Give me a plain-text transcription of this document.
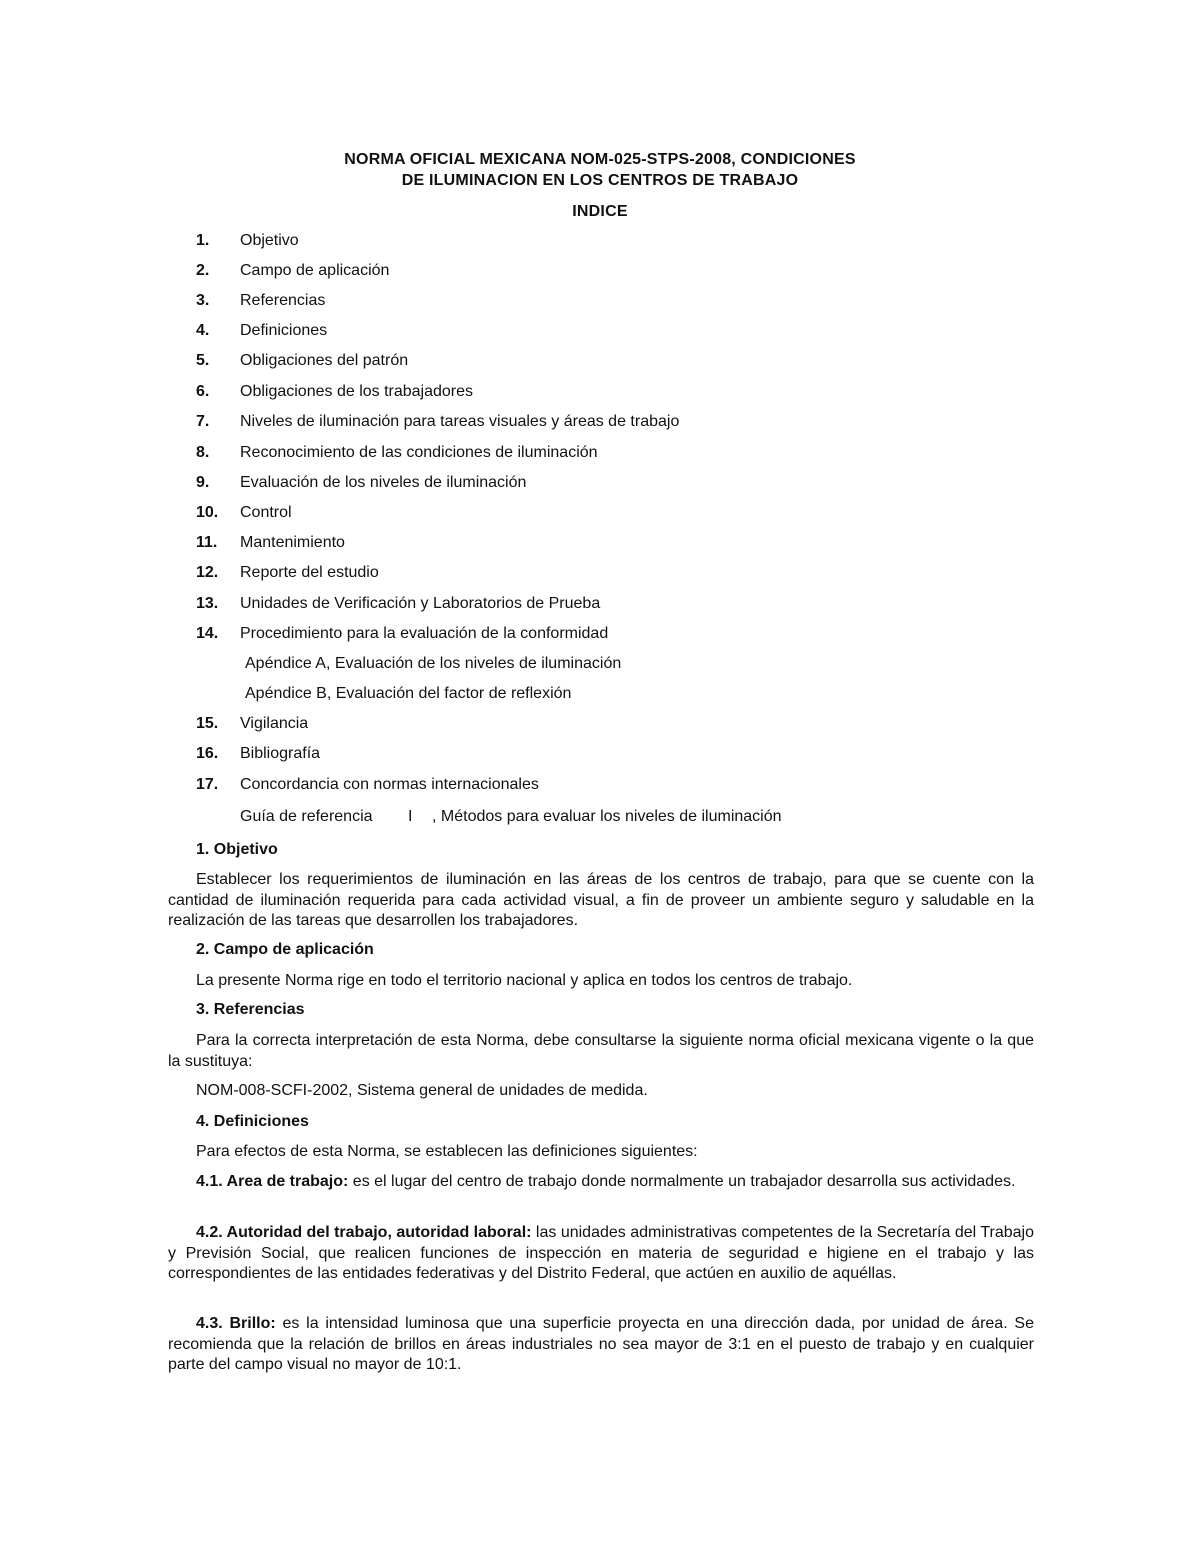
NORMA OFICIAL MEXICANA NOM-025-STPS-2008, CONDICIONES
DE ILUMINACION EN LOS CENTROS DE TRABAJO
INDICE
1. Objetivo
2. Campo de aplicación
3. Referencias
4. Definiciones
5. Obligaciones del patrón
6. Obligaciones de los trabajadores
7. Niveles de iluminación para tareas visuales y áreas de trabajo
8. Reconocimiento de las condiciones de iluminación
9. Evaluación de los niveles de iluminación
10. Control
11. Mantenimiento
12. Reporte del estudio
13. Unidades de Verificación y Laboratorios de Prueba
14. Procedimiento para la evaluación de la conformidad
Apéndice A, Evaluación de los niveles de iluminación
Apéndice B, Evaluación del factor de reflexión
15. Vigilancia
16. Bibliografía
17. Concordancia con normas internacionales
Guía de referencia I , Métodos para evaluar los niveles de iluminación
1. Objetivo
Establecer los requerimientos de iluminación en las áreas de los centros de trabajo, para que se cuente con la cantidad de iluminación requerida para cada actividad visual, a fin de proveer un ambiente seguro y saludable en la realización de las tareas que desarrollen los trabajadores.
2. Campo de aplicación
La presente Norma rige en todo el territorio nacional y aplica en todos los centros de trabajo.
3. Referencias
Para la correcta interpretación de esta Norma, debe consultarse la siguiente norma oficial mexicana vigente o la que la sustituya:
NOM-008-SCFI-2002, Sistema general de unidades de medida.
4. Definiciones
Para efectos de esta Norma, se establecen las definiciones siguientes:
4.1. Area de trabajo: es el lugar del centro de trabajo donde normalmente un trabajador desarrolla sus actividades.
4.2. Autoridad del trabajo, autoridad laboral: las unidades administrativas competentes de la Secretaría del Trabajo y Previsión Social, que realicen funciones de inspección en materia de seguridad e higiene en el trabajo y las correspondientes de las entidades federativas y del Distrito Federal, que actúen en auxilio de aquéllas.
4.3. Brillo: es la intensidad luminosa que una superficie proyecta en una dirección dada, por unidad de área. Se recomienda que la relación de brillos en áreas industriales no sea mayor de 3:1 en el puesto de trabajo y en cualquier parte del campo visual no mayor de 10:1.
